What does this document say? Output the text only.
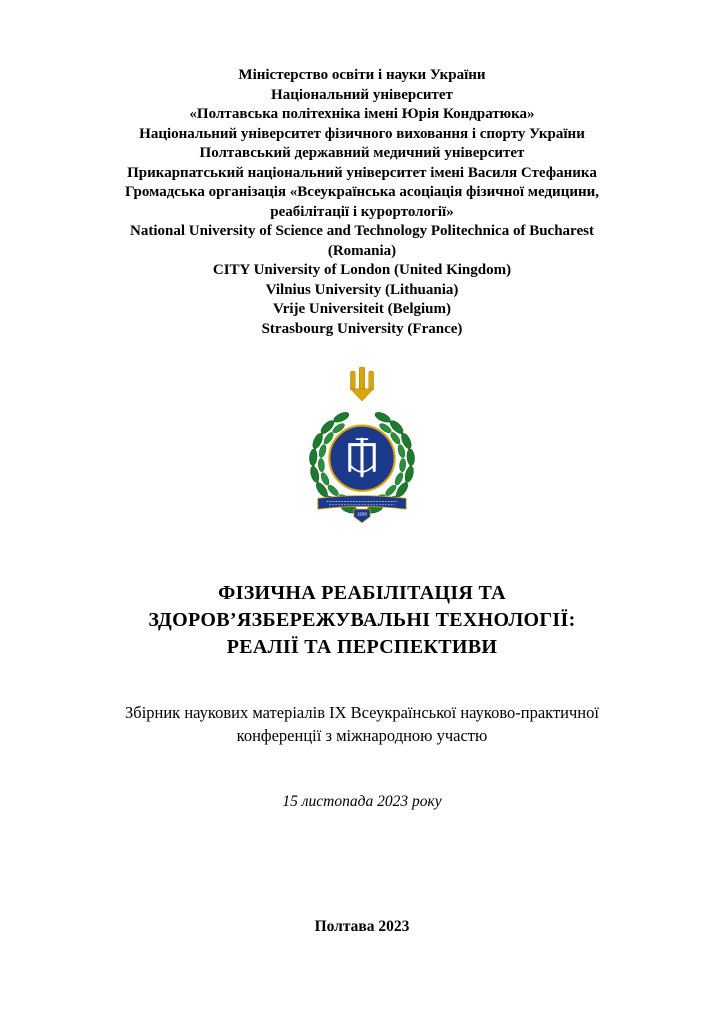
Міністерство освіти і науки України
Національний університет
«Полтавська політехніка імені Юрія Кондратюка»
Національний університет фізичного виховання і спорту України
Полтавський державний медичний університет
Прикарпатський національний університет імені Василя Стефаника
Громадська організація «Всеукраїнська асоціація фізичної медицини,
реабілітації і курортології»
National University of Science and Technology Politechnica of Bucharest
(Romania)
CITY University of London (United Kingdom)
Vilnius University (Lithuania)
Vrije Universiteit (Belgium)
Strasbourg University (France)
1930
ФІЗИЧНА РЕАБІЛІТАЦІЯ ТА
ЗДОРОВ’ЯЗБЕРЕЖУВАЛЬНІ ТЕХНОЛОГІЇ:
РЕАЛІЇ ТА ПЕРСПЕКТИВИ
Збірник наукових матеріалів ІХ Всеукраїнської науково-практичної
конференції з міжнародною участю
15 листопада 2023 року
Полтава 2023
